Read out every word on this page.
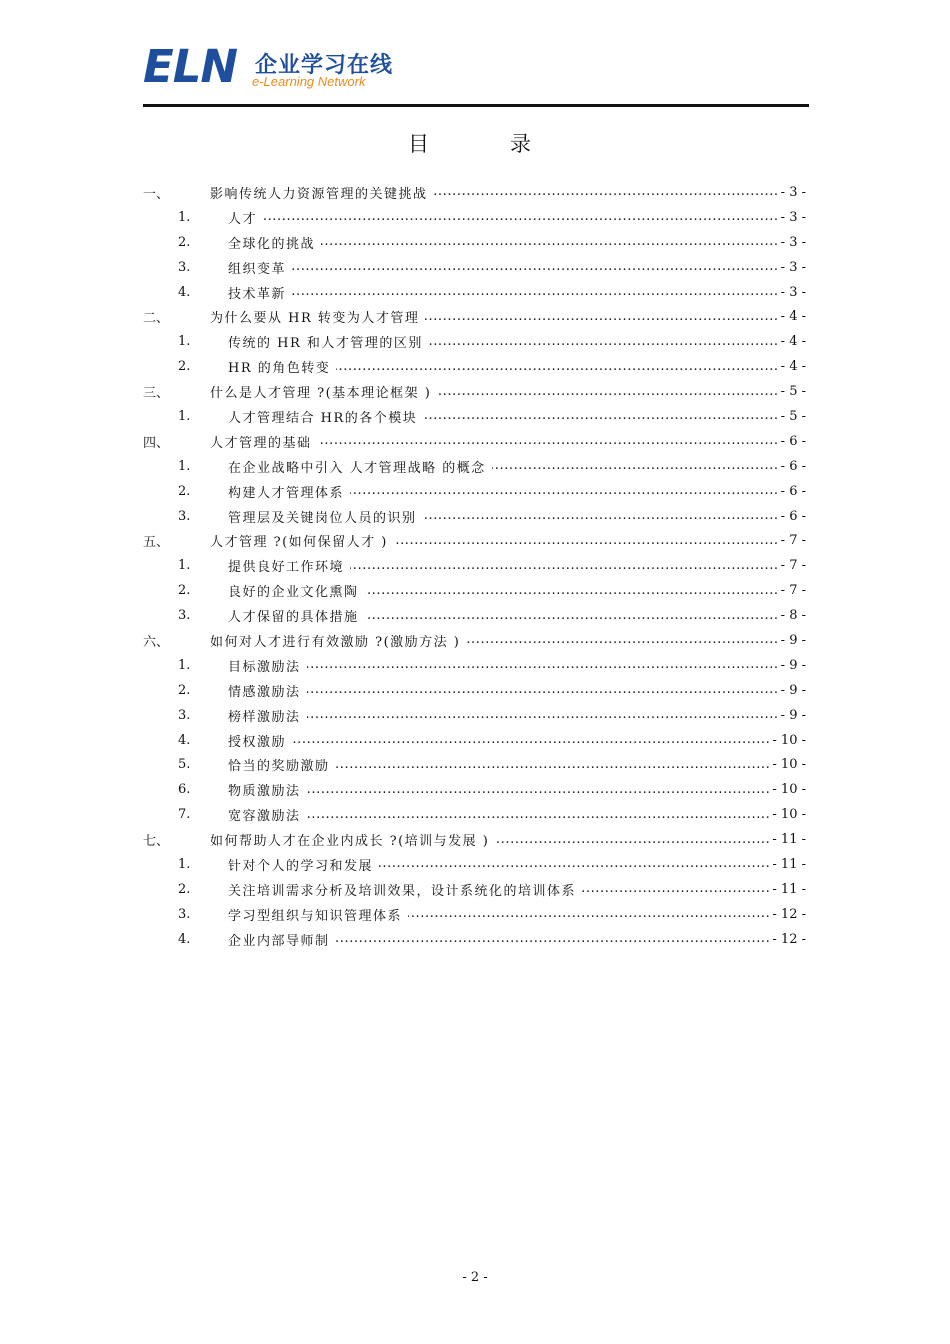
ELN 企业学习在线
e-Learning Network
目	录
一、	影响传统人力资源管理的关键挑战 .....	- 3 -
1.	人才 .....	- 3 -
2.	全球化的挑战 .....	- 3 -
3.	组织变革 .....	- 3 -
4.	技术革新 .....	- 3 -
二、	为什么要从 HR 转变为人才管理 .....	- 4 -
1.	传统的 HR 和人才管理的区别 .....	- 4 -
2.	HR 的角色转变 .....	- 4 -
三、	什么是人才管理 ?(基本理论框架 ) .....	- 5 -
1.	人才管理结合 HR的各个模块 .....	- 5 -
四、	人才管理的基础 .....	- 6 -
1.	在企业战略中引入 人才管理战略 的概念 .....	- 6 -
2.	构建人才管理体系 .....	- 6 -
3.	管理层及关键岗位人员的识别 .....	- 6 -
五、	人才管理 ?(如何保留人才 ) .....	- 7 -
1.	提供良好工作环境 .....	- 7 -
2.	良好的企业文化熏陶 .....	- 7 -
3.	人才保留的具体措施 .....	- 8 -
六、	如何对人才进行有效激励 ?(激励方法 ) .....	- 9 -
1.	目标激励法 .....	- 9 -
2.	情感激励法 .....	- 9 -
3.	榜样激励法 .....	- 9 -
4.	授权激励 .....	- 10 -
5.	恰当的奖励激励 .....	- 10 -
6.	物质激励法 .....	- 10 -
7.	宽容激励法 .....	- 10 -
七、	如何帮助人才在企业内成长 ?(培训与发展 ) .....	- 11 -
1.	针对个人的学习和发展 .....	- 11 -
2.	关注培训需求分析及培训效果，设计系统化的培训体系 .....	- 11 -
3.	学习型组织与知识管理体系 .....	- 12 -
4.	企业内部导师制 .....	- 12 -
- 2 -
